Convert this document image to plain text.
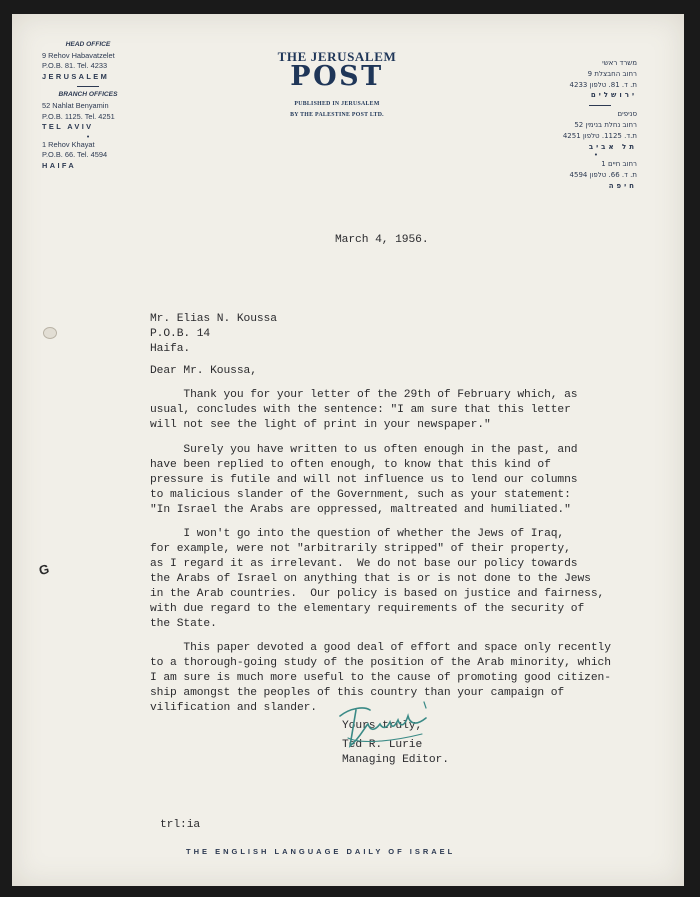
HEAD OFFICE
9 Rehov Habavatzelet
P.O.B. 81. Tel. 4233
JERUSALEM
BRANCH OFFICES
52 Nahlat Benyamin
P.O.B. 1125. Tel. 4251
TEL AVIV
•
1 Rehov Khayat
P.O.B. 66. Tel. 4594
HAIFA
THE JERUSALEM
POST
PUBLISHED IN JERUSALEM
BY THE PALESTINE POST LTD.
משרד ראשי
רחוב החבצלת 9
ת. ד. 81. טלפון 4233
ירושלים
סניפים
רחוב נחלת בנימין 52
ת.ד. 1125. טלפון 4251
תל אביב
•
רחוב חיים 1
ת. ד. 66. טלפון 4594
חיפה

March 4, 1956.

Mr. Elias N. Koussa

P.O.B. 14

Haifa.

Dear Mr. Koussa,

Thank you for your letter of the 29th of February which, as

usual, concludes with the sentence: "I am sure that this letter

will not see the light of print in your newspaper."

Surely you have written to us often enough in the past, and

have been replied to often enough, to know that this kind of

pressure is futile and will not influence us to lend our columns

to malicious slander of the Government, such as your statement:

"In Israel the Arabs are oppressed, maltreated and humiliated."

I won't go into the question of whether the Jews of Iraq,

for example, were not "arbitrarily stripped" of their property,

as I regard it as irrelevant.  We do not base our policy towards

the Arabs of Israel on anything that is or is not done to the Jews

in the Arab countries.  Our policy is based on justice and fairness,

with due regard to the elementary requirements of the security of

the State.

This paper devoted a good deal of effort and space only recently

to a thorough-going study of the position of the Arab minority, which

I am sure is much more useful to the cause of promoting good citizen-

ship amongst the peoples of this country than your campaign of

vilification and slander.

Yours truly,

Ted R. Lurie

Managing Editor.

trl:ia

G
THE ENGLISH LANGUAGE DAILY OF ISRAEL
